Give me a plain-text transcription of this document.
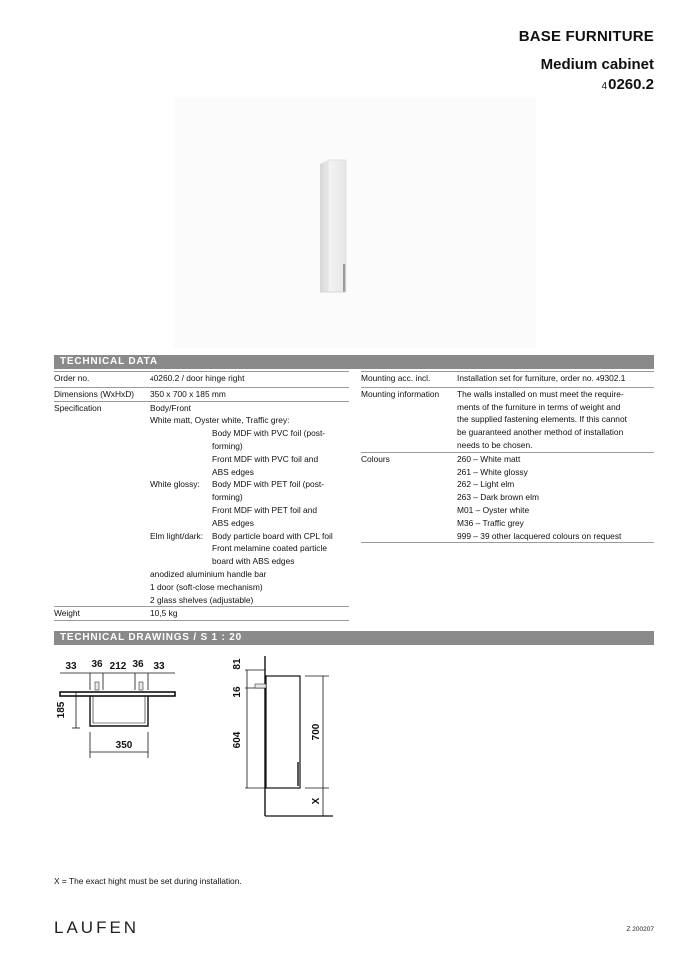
BASE FURNITURE
Medium cabinet
40260.2
TECHNICAL DATA
Order no.	40260.2 / door hinge right
Dimensions (WxHxD)	350 x 700 x 185 mm
Specification	Body/Front
White matt, Oyster white, Traffic grey:
Body MDF with PVC foil (post-
forming)
Front MDF with PVC foil and
ABS edges
White glossy:	Body MDF with PET foil (post-
forming)
Front MDF with PET foil and
ABS edges
Elm light/dark:	Body particle board with CPL foil
Front melamine coated particle
board with ABS edges
anodized aluminium handle bar
1 door (soft-close mechanism)
2 glass shelves (adjustable)
Weight	10,5 kg
Mounting acc. incl.	Installation set for furniture, order no. 49302.1
Mounting information	The walls installed on must meet the require-
ments of the furniture in terms of weight and
the supplied fastening elements. If this cannot
be guaranteed another method of installation
needs to be chosen.
Colours	260 – White matt
261 – White glossy
262 – Light elm
263 – Dark brown elm
M01 – Oyster white
M36 – Traffic grey
999 – 39 other lacquered colours on request
TECHNICAL DRAWINGS / S 1 : 20
33 36 212 36 33
350
185
81
16
604	700
X
X = The exact hight must be set during installation.
LAUFEN	Z 200207
